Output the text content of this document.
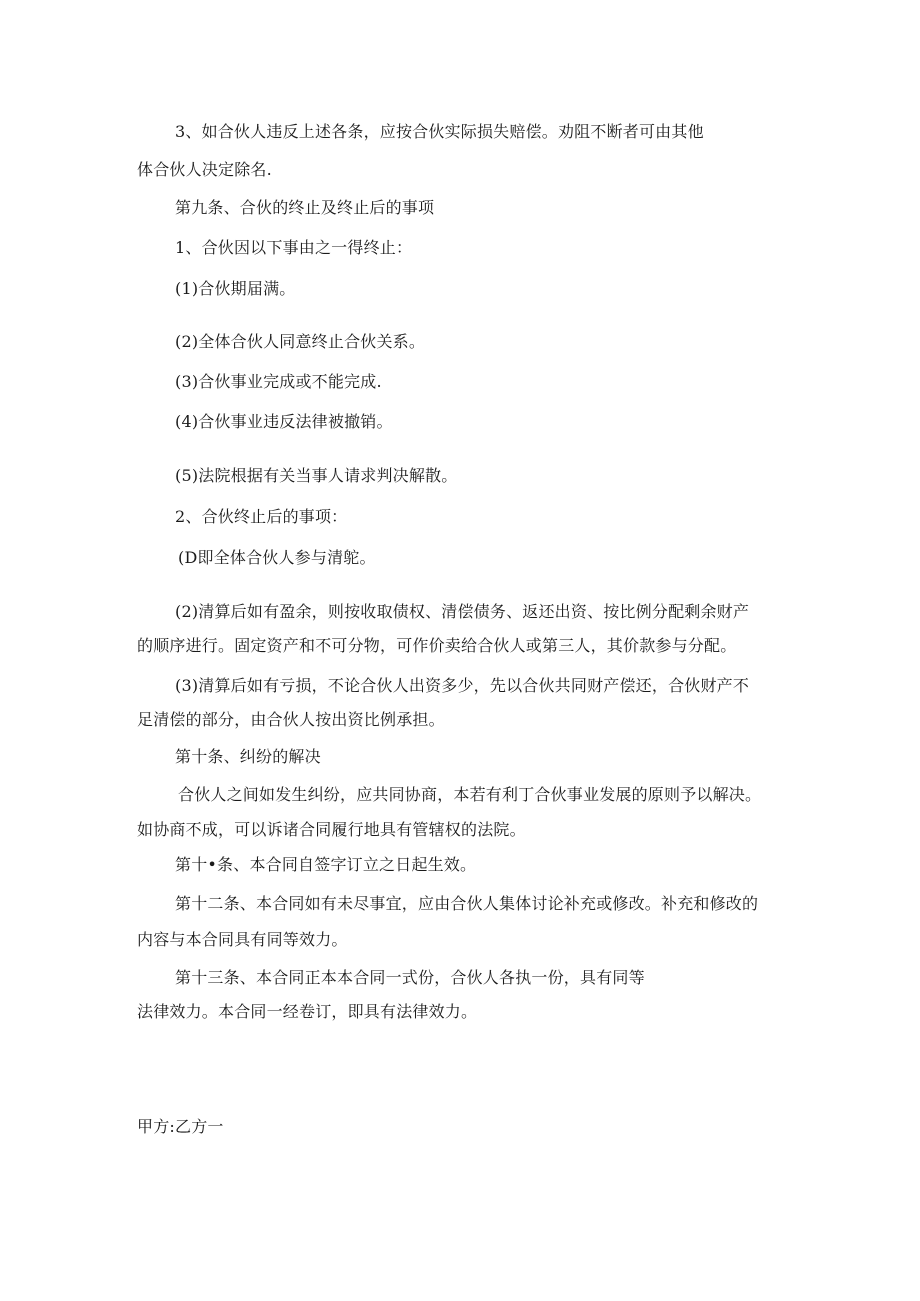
3、如合伙人违反上述各条，应按合伙实际损失赔偿。劝阻不断者可由其他
体合伙人决定除名.
第九条、合伙的终止及终止后的事项
1、合伙因以下事由之一得终止：
(1)合伙期届满。
(2)全体合伙人同意终止合伙关系。
(3)合伙事业完成或不能完成.
(4)合伙事业违反法律被撤销。
(5)法院根据有关当事人请求判决解散。
2、合伙终止后的事项：
(D即全体合伙人参与清鸵。
(2)清算后如有盈余，则按收取债权、清偿债务、返还出资、按比例分配剩余财产
的顺序进行。固定资产和不可分物，可作价卖给合伙人或第三人，其价款参与分配。
(3)清算后如有亏损，不论合伙人出资多少，先以合伙共同财产偿还，合伙财产不
足清偿的部分，由合伙人按出资比例承担。
第十条、纠纷的解决
合伙人之间如发生纠纷，应共同协商，本若有利丁合伙事业发展的原则予以解决。
如协商不成，可以诉诸合同履行地具有管辖权的法院。
第十•条、本合同自签字订立之日起生效。
第十二条、本合同如有未尽事宜，应由合伙人集体讨论补充或修改。补充和修改的
内容与本合同具有同等效力。
第十三条、本合同正本本合同一式份，合伙人各执一份，具有同等
法律效力。本合同一经卷订，即具有法律效力。
甲方:乙方一
